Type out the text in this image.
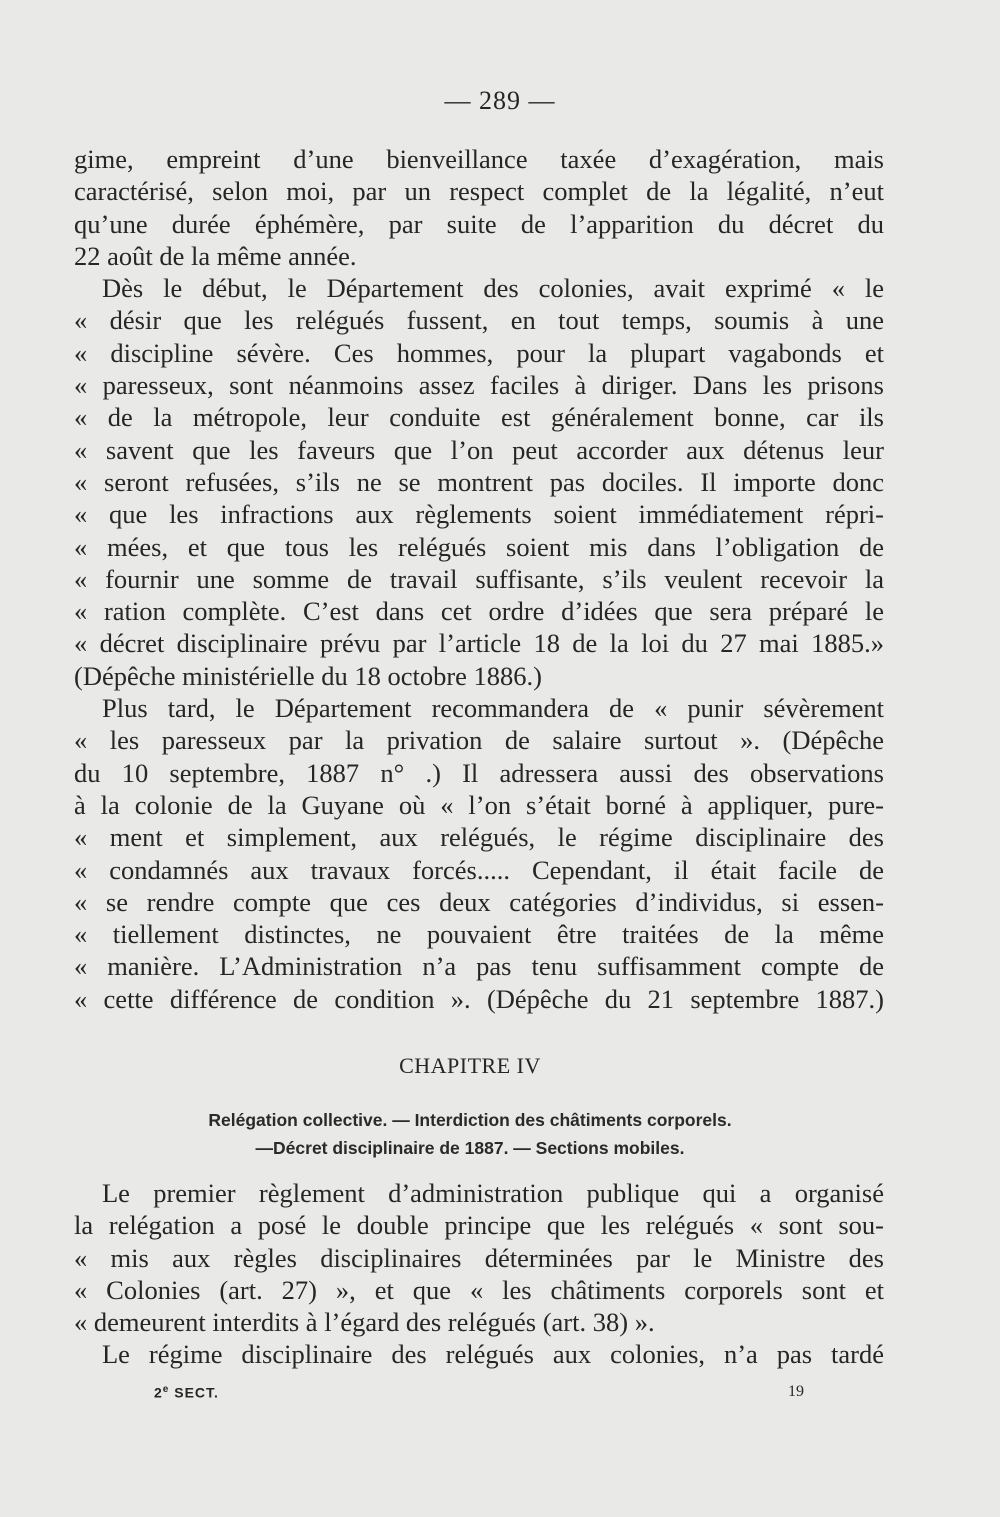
— 289 —
gime, empreint d’une bienveillance taxée d’exagération, mais
caractérisé, selon moi, par un respect complet de la légalité, n’eut
qu’une durée éphémère, par suite de l’apparition du décret du
22 août de la même année.
Dès le début, le Département des colonies, avait exprimé « le
« désir que les relégués fussent, en tout temps, soumis à une
« discipline sévère. Ces hommes, pour la plupart vagabonds et
« paresseux, sont néanmoins assez faciles à diriger. Dans les prisons
« de la métropole, leur conduite est généralement bonne, car ils
« savent que les faveurs que l’on peut accorder aux détenus leur
« seront refusées, s’ils ne se montrent pas dociles. Il importe donc
« que les infractions aux règlements soient immédiatement répri-
« mées, et que tous les relégués soient mis dans l’obligation de
« fournir une somme de travail suffisante, s’ils veulent recevoir la
« ration complète. C’est dans cet ordre d’idées que sera préparé le
« décret disciplinaire prévu par l’article 18 de la loi du 27 mai 1885.»
(Dépêche ministérielle du 18 octobre 1886.)
Plus tard, le Département recommandera de « punir sévèrement
« les paresseux par la privation de salaire surtout ». (Dépêche
du 10 septembre, 1887 n° .) Il adressera aussi des observations
à la colonie de la Guyane où « l’on s’était borné à appliquer, pure-
« ment et simplement, aux relégués, le régime disciplinaire des
« condamnés aux travaux forcés..... Cependant, il était facile de
« se rendre compte que ces deux catégories d’individus, si essen-
« tiellement distinctes, ne pouvaient être traitées de la même
« manière. L’Administration n’a pas tenu suffisamment compte de
« cette différence de condition ». (Dépêche du 21 septembre 1887.)
CHAPITRE IV
Relégation collective. — Interdiction des châtiments corporels.
—Décret disciplinaire de 1887. — Sections mobiles.
Le premier règlement d’administration publique qui a organisé
la relégation a posé le double principe que les relégués « sont sou-
« mis aux règles disciplinaires déterminées par le Ministre des
« Colonies (art. 27) », et que « les châtiments corporels sont et
« demeurent interdits à l’égard des relégués (art. 38) ».
Le régime disciplinaire des relégués aux colonies, n’a pas tardé
2e SECT.	19
